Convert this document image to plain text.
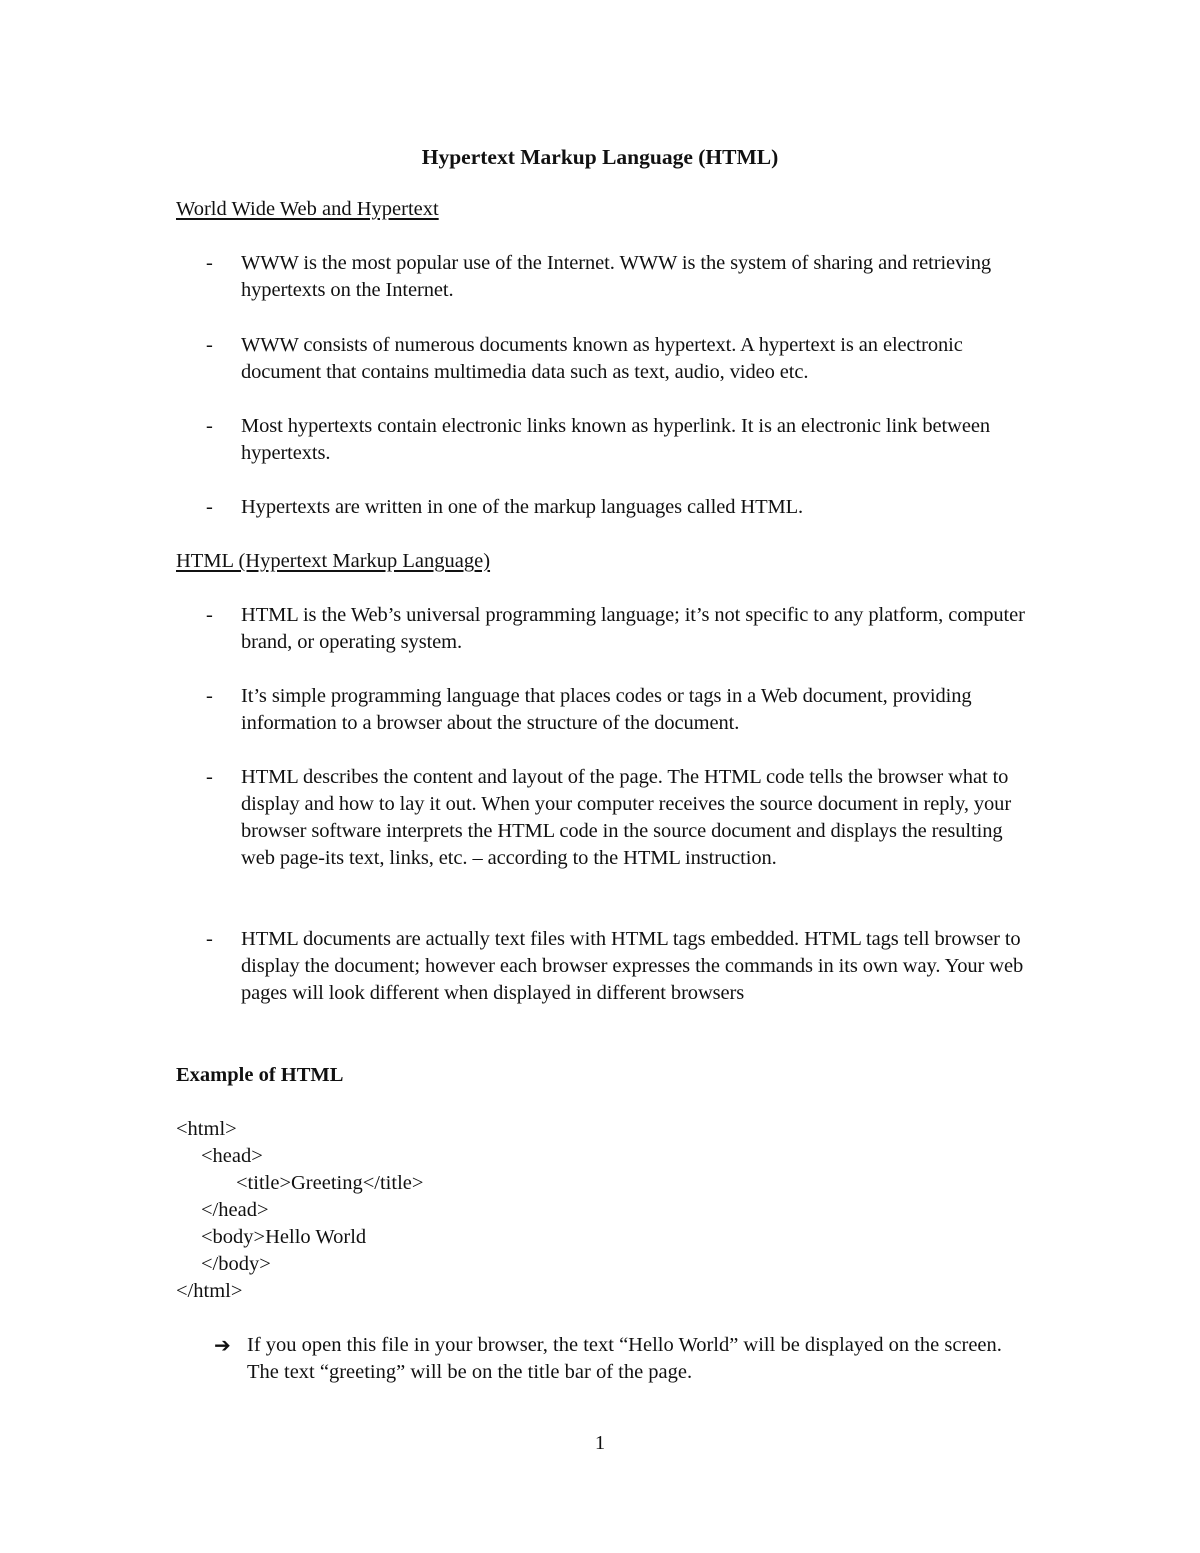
Hypertext Markup Language (HTML)
World Wide Web and Hypertext
- WWW is the most popular use of the Internet. WWW is the system of sharing and retrieving hypertexts on the Internet.
- WWW consists of numerous documents known as hypertext. A hypertext is an electronic document that contains multimedia data such as text, audio, video etc.
- Most hypertexts contain electronic links known as hyperlink. It is an electronic link between hypertexts.
- Hypertexts are written in one of the markup languages called HTML.
HTML (Hypertext Markup Language)
- HTML is the Web’s universal programming language; it’s not specific to any platform, computer brand, or operating system.
- It’s simple programming language that places codes or tags in a Web document, providing information to a browser about the structure of the document.
- HTML describes the content and layout of the page. The HTML code tells the browser what to display and how to lay it out. When your computer receives the source document in reply, your browser software interprets the HTML code in the source document and displays the resulting web page-its text, links, etc. – according to the HTML instruction.
- HTML documents are actually text files with HTML tags embedded. HTML tags tell browser to display the document; however each browser expresses the commands in its own way. Your web pages will look different when displayed in different browsers
Example of HTML
<html>
<head>
<title>Greeting</title>
</head>
<body>Hello World
</body>
</html>
➔ If you open this file in your browser, the text “Hello World” will be displayed on the screen. The text “greeting” will be on the title bar of the page.
1
